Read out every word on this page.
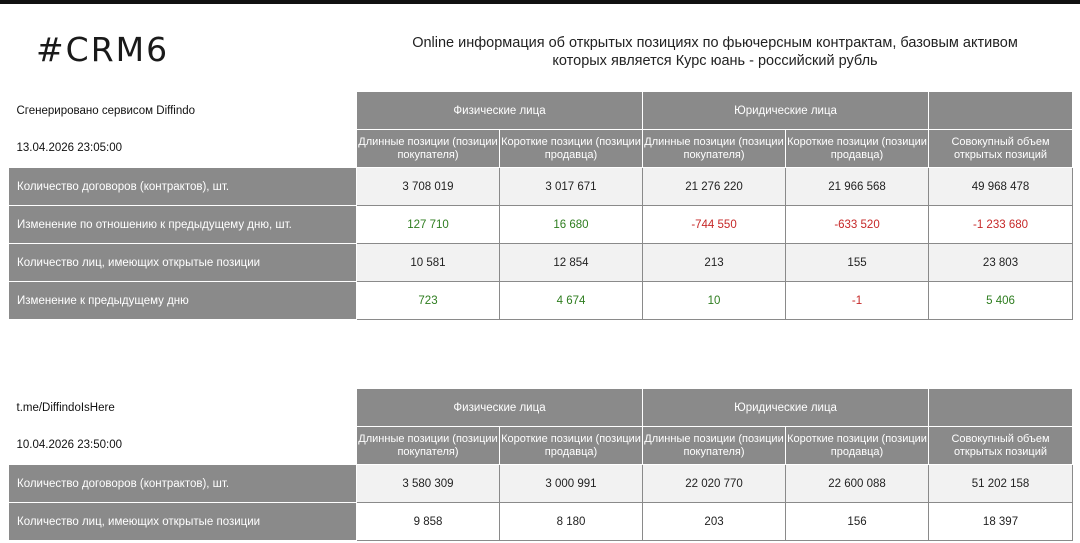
#CRM6	Online информация об открытых позициях по фьючерсным контрактам, базовым активом
которых является Курс юань - российский рубль
Сгенерировано сервисом Diffindo	Физические лица		Юридические лица		
13.04.2026 23:05:00	Длинные позиции (позиции покупателя)	Короткие позиции (позиции продавца)	Длинные позиции (позиции покупателя)	Короткие позиции (позиции продавца)	Совокупный объем открытых позиций
Количество договоров (контрактов), шт.	3 708 019	3 017 671	21 276 220	21 966 568	49 968 478
Изменение по отношению к предыдущему дню, шт.	127 710	16 680	-744 550	-633 520	-1 233 680
Количество лиц, имеющих открытые позиции	10 581	12 854	213	155	23 803
Изменение к предыдущему дню	723	4 674	10	-1	5 406
t.me/DiffindoIsHere	Физические лица		Юридические лица		
10.04.2026 23:50:00	Длинные позиции (позиции покупателя)	Короткие позиции (позиции продавца)	Длинные позиции (позиции покупателя)	Короткие позиции (позиции продавца)	Совокупный объем открытых позиций
Количество договоров (контрактов), шт.	3 580 309	3 000 991	22 020 770	22 600 088	51 202 158
Количество лиц, имеющих открытые позиции	9 858	8 180	203	156	18 397
